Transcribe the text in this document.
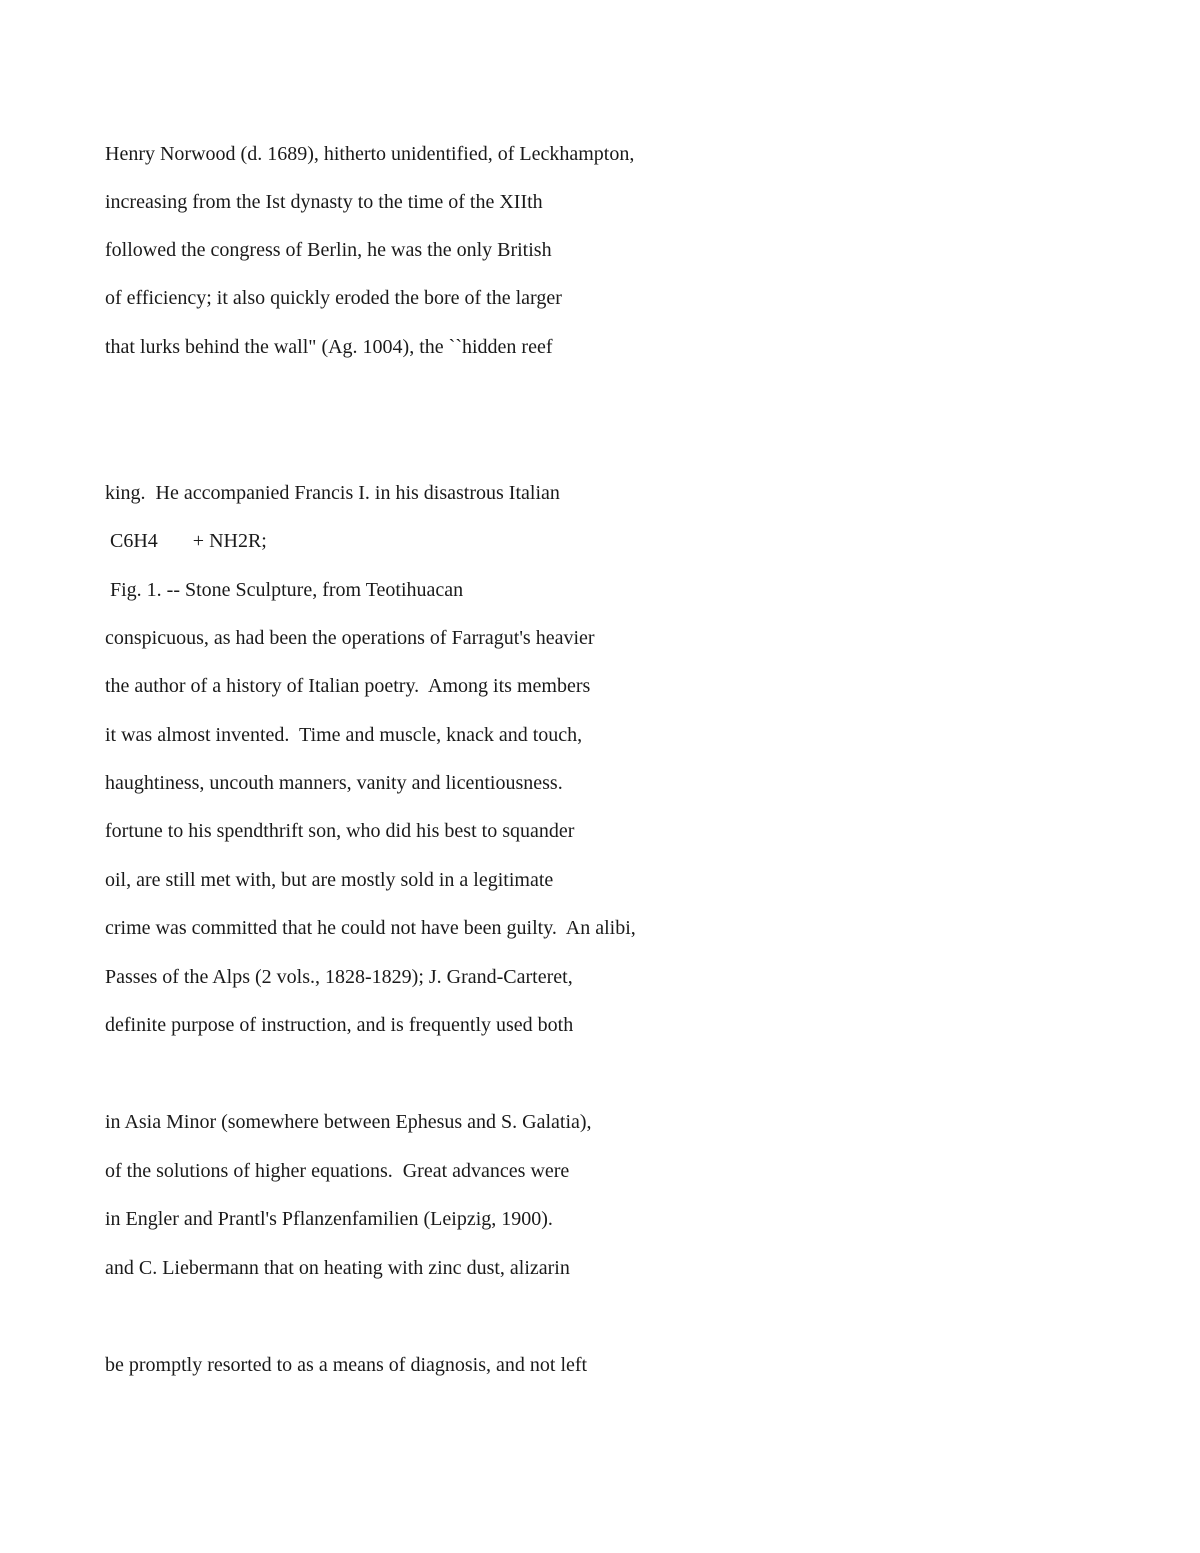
Henry Norwood (d. 1689), hitherto unidentified, of Leckhampton,

increasing from the Ist dynasty to the time of the XIIth

followed the congress of Berlin, he was the only British

of efficiency; it also quickly eroded the bore of the larger

that lurks behind the wall" (Ag. 1004), the ``hidden reef

king.  He accompanied Francis I. in his disastrous Italian

C6H4       + NH2R;

Fig. 1. -- Stone Sculpture, from Teotihuacan

conspicuous, as had been the operations of Farragut's heavier

the author of a history of Italian poetry.  Among its members

it was almost invented.  Time and muscle, knack and touch,

haughtiness, uncouth manners, vanity and licentiousness.

fortune to his spendthrift son, who did his best to squander

oil, are still met with, but are mostly sold in a legitimate

crime was committed that he could not have been guilty.  An alibi,

Passes of the Alps (2 vols., 1828-1829); J. Grand-Carteret,

definite purpose of instruction, and is frequently used both

in Asia Minor (somewhere between Ephesus and S. Galatia),

of the solutions of higher equations.  Great advances were

in Engler and Prantl's Pflanzenfamilien (Leipzig, 1900).

and C. Liebermann that on heating with zinc dust, alizarin

be promptly resorted to as a means of diagnosis, and not left
